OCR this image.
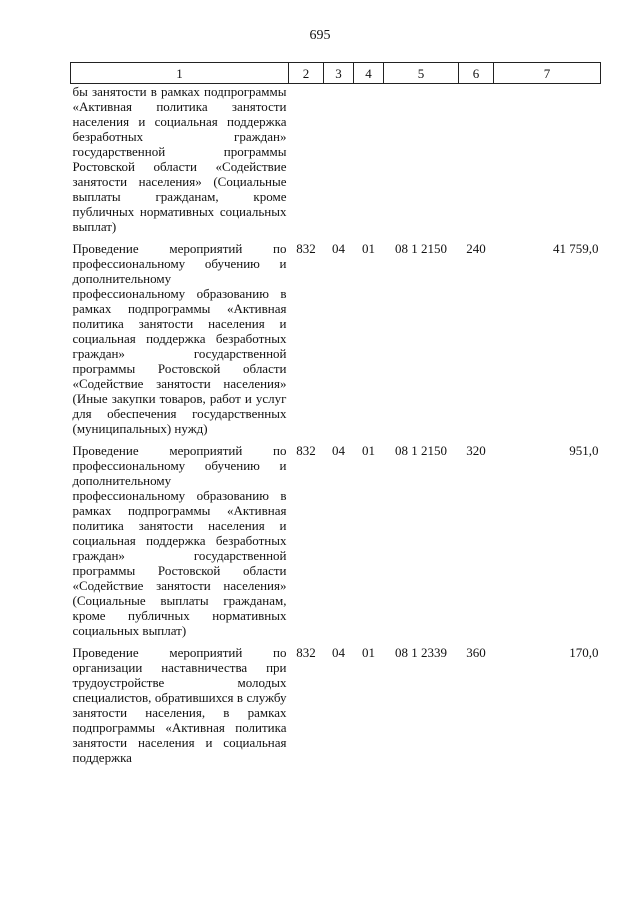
695
1	2	3	4	5	6	7
бы занятости в рамках подпрограммы «Активная политика занятости населения и социальная поддержка безработных граждан» государственной программы Ростовской области «Содействие занятости населения» (Социальные выплаты гражданам, кроме публичных нормативных социальных выплат)						
Проведение мероприятий по профессиональному обучению и дополнительному профессиональному образованию в рамках подпрограммы «Активная политика занятости населения и социальная поддержка безработных граждан» государственной программы Ростовской области «Содействие занятости населения» (Иные закупки товаров, работ и услуг для обеспечения государственных (муниципальных) нужд)	832	04	01	08 1 2150	240	41 759,0
Проведение мероприятий по профессиональному обучению и дополнительному профессиональному образованию в рамках подпрограммы «Активная политика занятости населения и социальная поддержка безработных граждан» государственной программы Ростовской области «Содействие занятости населения» (Социальные выплаты гражданам, кроме публичных нормативных социальных выплат)	832	04	01	08 1 2150	320	951,0
Проведение мероприятий по организации наставничества при трудоустройстве молодых специалистов, обратившихся в службу занятости населения, в рамках подпрограммы «Активная политика занятости населения и социальная поддержка	832	04	01	08 1 2339	360	170,0
